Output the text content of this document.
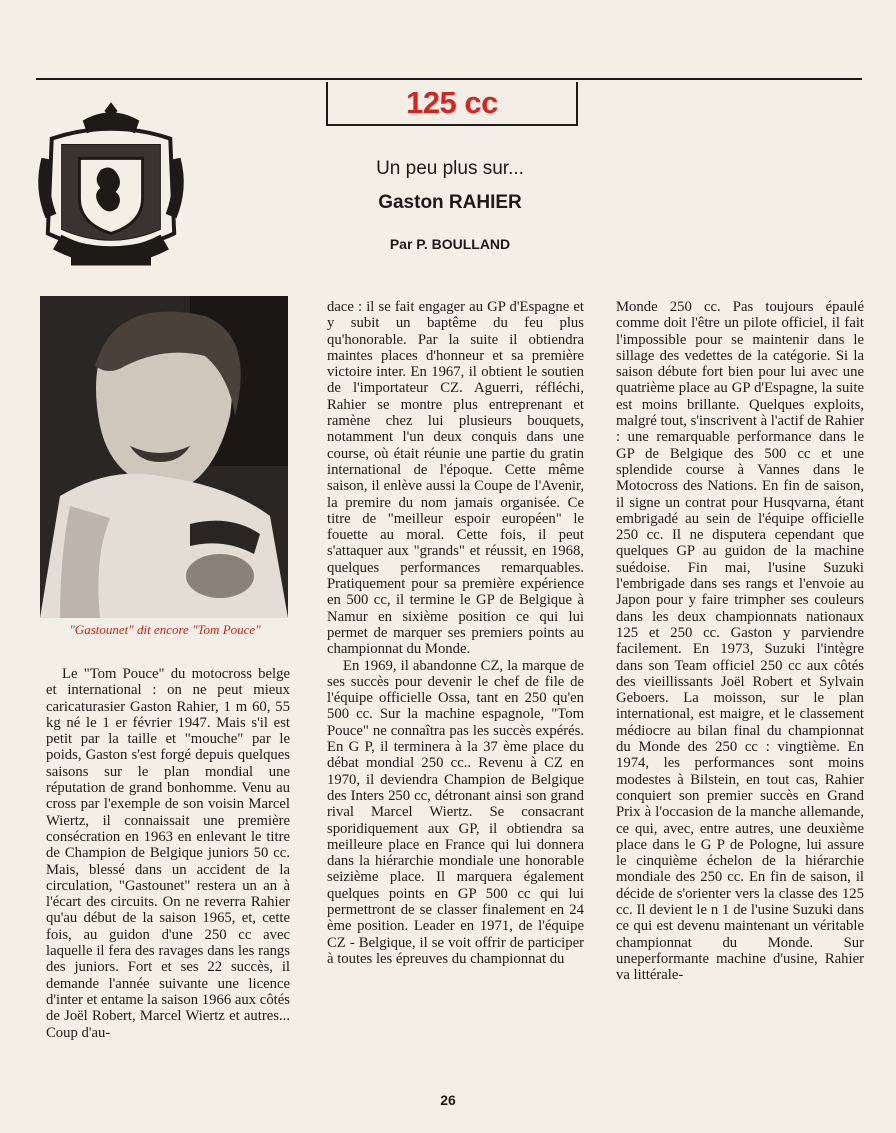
125 cc
Un peu plus sur...
Gaston RAHIER
Par P. BOULLAND
"Gastounet" dit encore "Tom Pouce"
Le "Tom Pouce" du motocross belge et international : on ne peut mieux caricaturasier Gaston Rahier, 1 m 60, 55 kg né le 1 er février 1947. Mais s'il est petit par la taille et "mouche" par le poids, Gaston s'est forgé depuis quelques saisons sur le plan mondial une réputation de grand bonhomme. Venu au cross par l'exemple de son voisin Marcel Wiertz, il connaissait une première consécration en 1963 en enlevant le titre de Champion de Belgique juniors 50 cc. Mais, blessé dans un accident de la circulation, "Gastounet" restera un an à l'écart des circuits. On ne reverra Rahier qu'au début de la saison 1965, et, cette fois, au guidon d'une 250 cc avec laquelle il fera des ravages dans les rangs des juniors. Fort et ses 22 succès, il demande l'année suivante une licence d'inter et entame la saison 1966 aux côtés de Joël Robert, Marcel Wiertz et autres... Coup d'au-

dace : il se fait engager au GP d'Espagne et y subit un baptême du feu plus qu'honorable. Par la suite il obtiendra maintes places d'honneur et sa première victoire inter. En 1967, il obtient le soutien de l'importateur CZ. Aguerri, réfléchi, Rahier se montre plus entreprenant et ramène chez lui plusieurs bouquets, notamment l'un deux conquis dans une course, où était réunie une partie du gratin international de l'époque. Cette même saison, il enlève aussi la Coupe de l'Avenir, la premire du nom jamais organisée. Ce titre de "meilleur espoir européen" le fouette au moral. Cette fois, il peut s'attaquer aux "grands" et réussit, en 1968, quelques performances remarquables. Pratiquement pour sa première expérience en 500 cc, il termine le GP de Belgique à Namur en sixième position ce qui lui permet de marquer ses premiers points au championnat du Monde.

En 1969, il abandonne CZ, la marque de ses succès pour devenir le chef de file de l'équipe officielle Ossa, tant en 250 qu'en 500 cc. Sur la machine espagnole, "Tom Pouce" ne connaîtra pas les succès expérés. En G P, il terminera à la 37 ème place du débat mondial 250 cc.. Revenu à CZ en 1970, il deviendra Champion de Belgique des Inters 250 cc, détronant ainsi son grand rival Marcel Wiertz. Se consacrant sporidiquement aux GP, il obtiendra sa meilleure place en France qui lui donnera dans la hiérarchie mondiale une honorable seizième place. Il marquera également quelques points en GP 500 cc qui lui permettront de se classer finalement en 24 ème position. Leader en 1971, de l'équipe CZ - Belgique, il se voit offrir de participer à toutes les épreuves du championnat du

Monde 250 cc. Pas toujours épaulé comme doit l'être un pilote officiel, il fait l'impossible pour se maintenir dans le sillage des vedettes de la catégorie. Si la saison débute fort bien pour lui avec une quatrième place au GP d'Espagne, la suite est moins brillante. Quelques exploits, malgré tout, s'inscrivent à l'actif de Rahier : une remarquable performance dans le GP de Belgique des 500 cc et une splendide course à Vannes dans le Motocross des Nations. En fin de saison, il signe un contrat pour Husqvarna, étant embrigadé au sein de l'équipe officielle 250 cc. Il ne disputera cependant que quelques GP au guidon de la machine suédoise. Fin mai, l'usine Suzuki l'embrigade dans ses rangs et l'envoie au Japon pour y faire trimpher ses couleurs dans les deux championnats nationaux 125 et 250 cc. Gaston y parviendre facilement. En 1973, Suzuki l'intègre dans son Team officiel 250 cc aux côtés des vieillissants Joël Robert et Sylvain Geboers. La moisson, sur le plan international, est maigre, et le classement médiocre au bilan final du championnat du Monde des 250 cc : vingtième. En 1974, les performances sont moins modestes à Bilstein, en tout cas, Rahier conquiert son premier succès en Grand Prix à l'occasion de la manche allemande, ce qui, avec, entre autres, une deuxième place dans le G P de Pologne, lui assure le cinquième échelon de la hiérarchie mondiale des 250 cc. En fin de saison, il décide de s'orienter vers la classe des 125 cc. Il devient le n 1 de l'usine Suzuki dans ce qui est devenu maintenant un véritable championnat du Monde. Sur uneperformante machine d'usine, Rahier va littérale-
26
